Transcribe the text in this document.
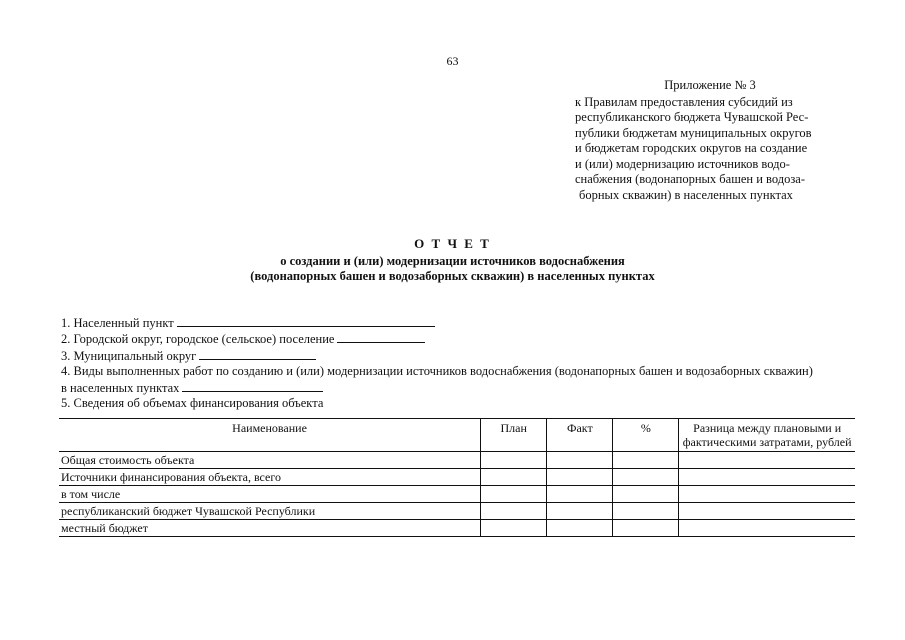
63
Приложение № 3
к Правилам предоставления субсидий из
республиканского бюджета Чувашской Рес-
публики бюджетам муниципальных округов
и бюджетам городских округов на создание
и (или) модернизацию источников водо-
снабжения (водонапорных башен и водоза-
борных скважин) в населенных пунктах
О Т Ч Е Т
о создании и (или) модернизации источников водоснабжения
(водонапорных башен и водозаборных скважин) в населенных пунктах
1. Населенный пункт
2. Городской округ, городское (сельское) поселение
3. Муниципальный округ
4. Виды выполненных работ по созданию и (или) модернизации источников водоснабжения (водонапорных башен и водозаборных скважин)
в населенных пунктах
5. Сведения об объемах финансирования объекта
Наименование	План	Факт	%	Разница между плановыми и фактическими затратами, рублей
Общая стоимость объекта				
Источники финансирования объекта, всего				
в том числе				
республиканский бюджет Чувашской Республики				
местный бюджет				
